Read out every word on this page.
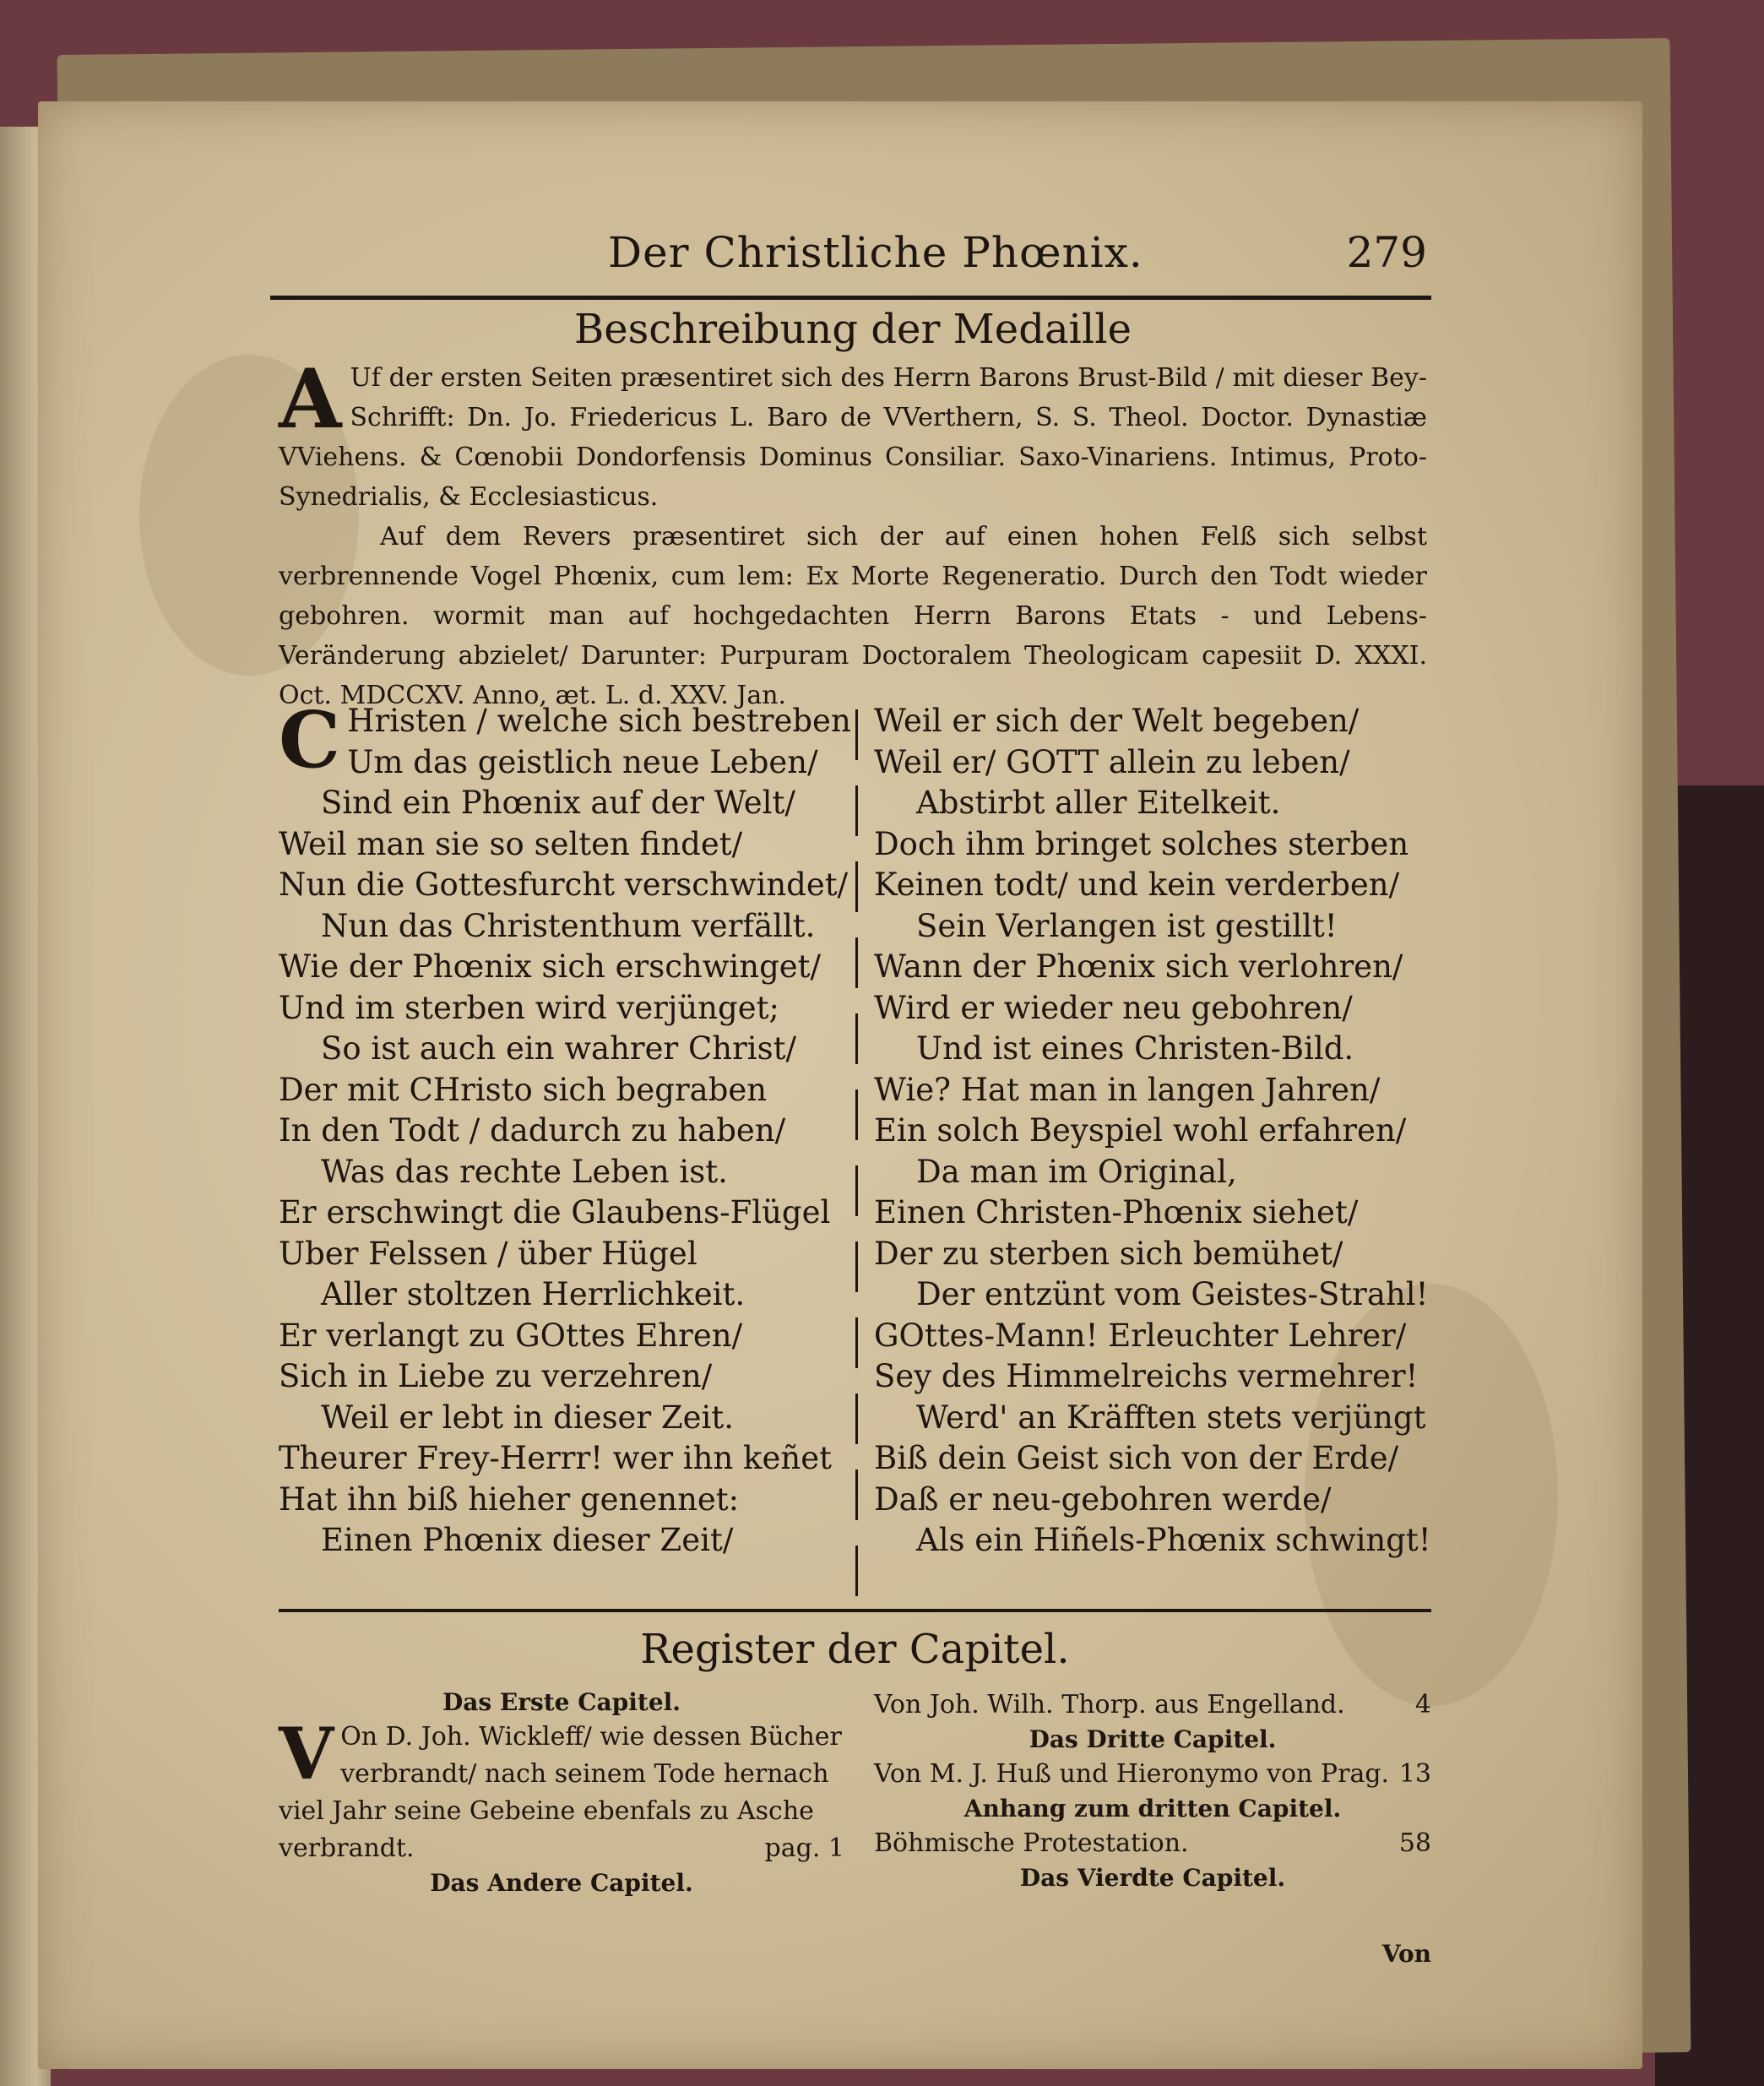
Der Christliche Phœnix.	279
Beschreibung der Medaille

A Uf der ersten Seiten præsentiret sich des Herrn Barons Brust-Bild / mit dieser Bey-Schrifft: Dn. Jo. Friedericus L. Baro de VVerthern, S. S. Theol. Doctor. Dynastiæ VViehens. & Cœnobii Dondorfensis Dominus Consiliar. Saxo-Vinariens. Intimus, Proto-Synedrialis, & Ecclesiasticus.

Auf dem Revers præsentiret sich der auf einen hohen Felß sich selbst verbrennende Vogel Phœnix, cum lem: Ex Morte Regeneratio. Durch den Todt wieder gebohren. wormit man auf hochgedachten Herrn Barons Etats - und Lebens-Veränderung abzielet/ Darunter: Purpuram Doctoralem Theologicam capesiit D. XXXI. Oct. MDCCXV. Anno, æt. L. d. XXV. Jan.

C Hristen / welche sich bestreben
Um das geistlich neue Leben/
Sind ein Phœnix auf der Welt/
Weil man sie so selten findet/
Nun die Gottesfurcht verschwindet/
Nun das Christenthum verfällt.
Wie der Phœnix sich erschwinget/
Und im sterben wird verjünget;
So ist auch ein wahrer Christ/
Der mit CHristo sich begraben
In den Todt / dadurch zu haben/
Was das rechte Leben ist.
Er erschwingt die Glaubens-Flügel
Uber Felssen / über Hügel
Aller stoltzen Herrlichkeit.
Er verlangt zu GOttes Ehren/
Sich in Liebe zu verzehren/
Weil er lebt in dieser Zeit.
Theurer Frey-Herrr! wer ihn keñet
Hat ihn biß hieher genennet:
Einen Phœnix dieser Zeit/
Weil er sich der Welt begeben/
Weil er/ GOTT allein zu leben/
Abstirbt aller Eitelkeit.
Doch ihm bringet solches sterben
Keinen todt/ und kein verderben/
Sein Verlangen ist gestillt!
Wann der Phœnix sich verlohren/
Wird er wieder neu gebohren/
Und ist eines Christen-Bild.
Wie? Hat man in langen Jahren/
Ein solch Beyspiel wohl erfahren/
Da man im Original,
Einen Christen-Phœnix siehet/
Der zu sterben sich bemühet/
Der entzünt vom Geistes-Strahl!
GOttes-Mann! Erleuchter Lehrer/
Sey des Himmelreichs vermehrer!
Werd' an Kräfften stets verjüngt
Biß dein Geist sich von der Erde/
Daß er neu-gebohren werde/
Als ein Hiñels-Phœnix schwingt!
Register der Capitel.
Das Erste Capitel.
V On D. Joh. Wickleff/ wie dessen Bücher
verbrandt/ nach seinem Tode hernach
viel Jahr seine Gebeine ebenfals zu Asche
verbrandt.	pag. 1
Das Andere Capitel.
Von Joh. Wilh. Thorp. aus Engelland.	4
Das Dritte Capitel.
Von M. J. Huß und Hieronymo von Prag. 13
Anhang zum dritten Capitel.
Böhmische Protestation.	58
Das Vierdte Capitel.
Von
